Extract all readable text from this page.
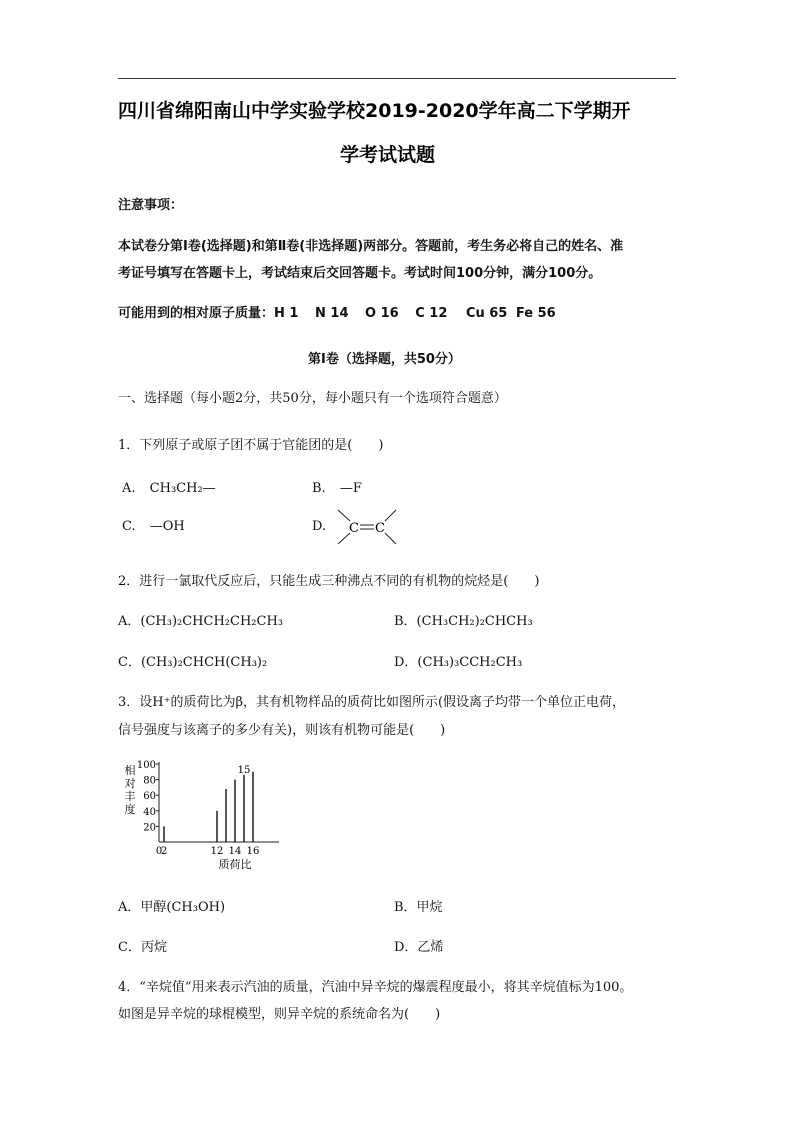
四川省绵阳南山中学实验学校2019-2020学年高二下学期开
学考试试题
注意事项：
本试卷分第Ⅰ卷(选择题)和第Ⅱ卷(非选择题)两部分。答题前，考生务必将自己的姓名、准
考证号填写在答题卡上，考试结束后交回答题卡。考试时间100分钟，满分100分。
可能用到的相对原子质量：H 1 N 14 O 16 C 12 Cu 65 Fe 56
第Ⅰ卷（选择题，共50分）
一、选择题（每小题2分，共50分，每小题只有一个选项符合题意）
1．下列原子或原子团不属于官能团的是(　　)
A. CH₃CH₂—	B. —F
C. —OH	D. C C
2．进行一氯取代反应后，只能生成三种沸点不同的有机物的烷烃是(　　)
A．(CH₃)₂CHCH₂CH₂CH₃	B．(CH₃CH₂)₂CHCH₃
C．(CH₃)₂CHCH(CH₃)₂	D．(CH₃)₃CCH₂CH₃
3．设H⁺的质荷比为β，其有机物样品的质荷比如图所示(假设离子均带一个单位正电荷，
信号强度与该离子的多少有关)，则该有机物可能是(　　)
20
40
60
80
100
相
对
丰
度
0
2	12 14 16
质荷比
15
A．甲醇(CH₃OH)	B．甲烷
C．丙烷	D．乙烯
4．“辛烷值”用来表示汽油的质量，汽油中异辛烷的爆震程度最小，将其辛烷值标为100。
如图是异辛烷的球棍模型，则异辛烷的系统命名为(　　)
